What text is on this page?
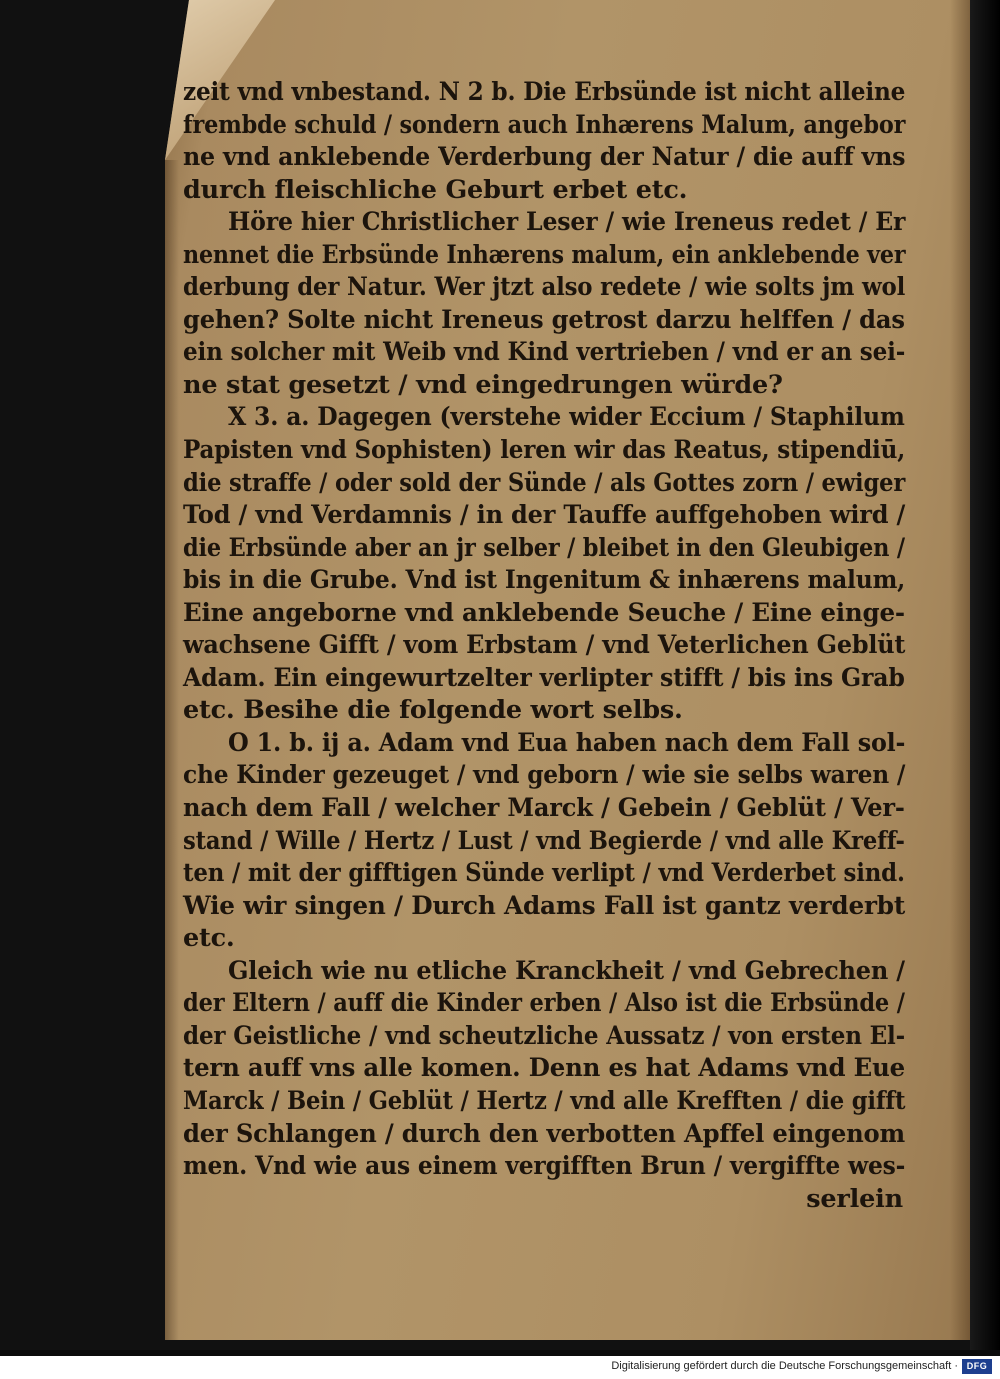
zeit vnd vnbestand. N 2 b. Die Erbsünde ist nicht alleine
frembde schuld / sondern auch Inhærens Malum, angebor
ne vnd anklebende Verderbung der Natur / die auff vns
durch fleischliche Geburt erbet etc.
Höre hier Christlicher Leser / wie Ireneus redet / Er
nennet die Erbsünde Inhærens malum, ein anklebende ver
derbung der Natur. Wer jtzt also redete / wie solts jm wol
gehen? Solte nicht Ireneus getrost darzu helffen / das
ein solcher mit Weib vnd Kind vertrieben / vnd er an sei-
ne stat gesetzt / vnd eingedrungen würde?
X 3. a. Dagegen (verstehe wider Eccium / Staphilum
Papisten vnd Sophisten) leren wir das Reatus, stipendiū,
die straffe / oder sold der Sünde / als Gottes zorn / ewiger
Tod / vnd Verdamnis / in der Tauffe auffgehoben wird /
die Erbsünde aber an jr selber / bleibet in den Gleubigen /
bis in die Grube. Vnd ist Ingenitum & inhærens malum,
Eine angeborne vnd anklebende Seuche / Eine einge-
wachsene Gifft / vom Erbstam / vnd Veterlichen Geblüt
Adam. Ein eingewurtzelter verlipter stifft / bis ins Grab
etc. Besihe die folgende wort selbs.
O 1. b. ij a. Adam vnd Eua haben nach dem Fall sol-
che Kinder gezeuget / vnd geborn / wie sie selbs waren /
nach dem Fall / welcher Marck / Gebein / Geblüt / Ver-
stand / Wille / Hertz / Lust / vnd Begierde / vnd alle Kreff-
ten / mit der gifftigen Sünde verlipt / vnd Verderbet sind.
Wie wir singen / Durch Adams Fall ist gantz verderbt
etc.
Gleich wie nu etliche Kranckheit / vnd Gebrechen /
der Eltern / auff die Kinder erben / Also ist die Erbsünde /
der Geistliche / vnd scheutzliche Aussatz / von ersten El-
tern auff vns alle komen. Denn es hat Adams vnd Eue
Marck / Bein / Geblüt / Hertz / vnd alle Krefften / die gifft
der Schlangen / durch den verbotten Apffel eingenom
men. Vnd wie aus einem vergifften Brun / vergiffte wes-
serlein
Digitalisierung gefördert durch die Deutsche Forschungsgemeinschaft · DFG
